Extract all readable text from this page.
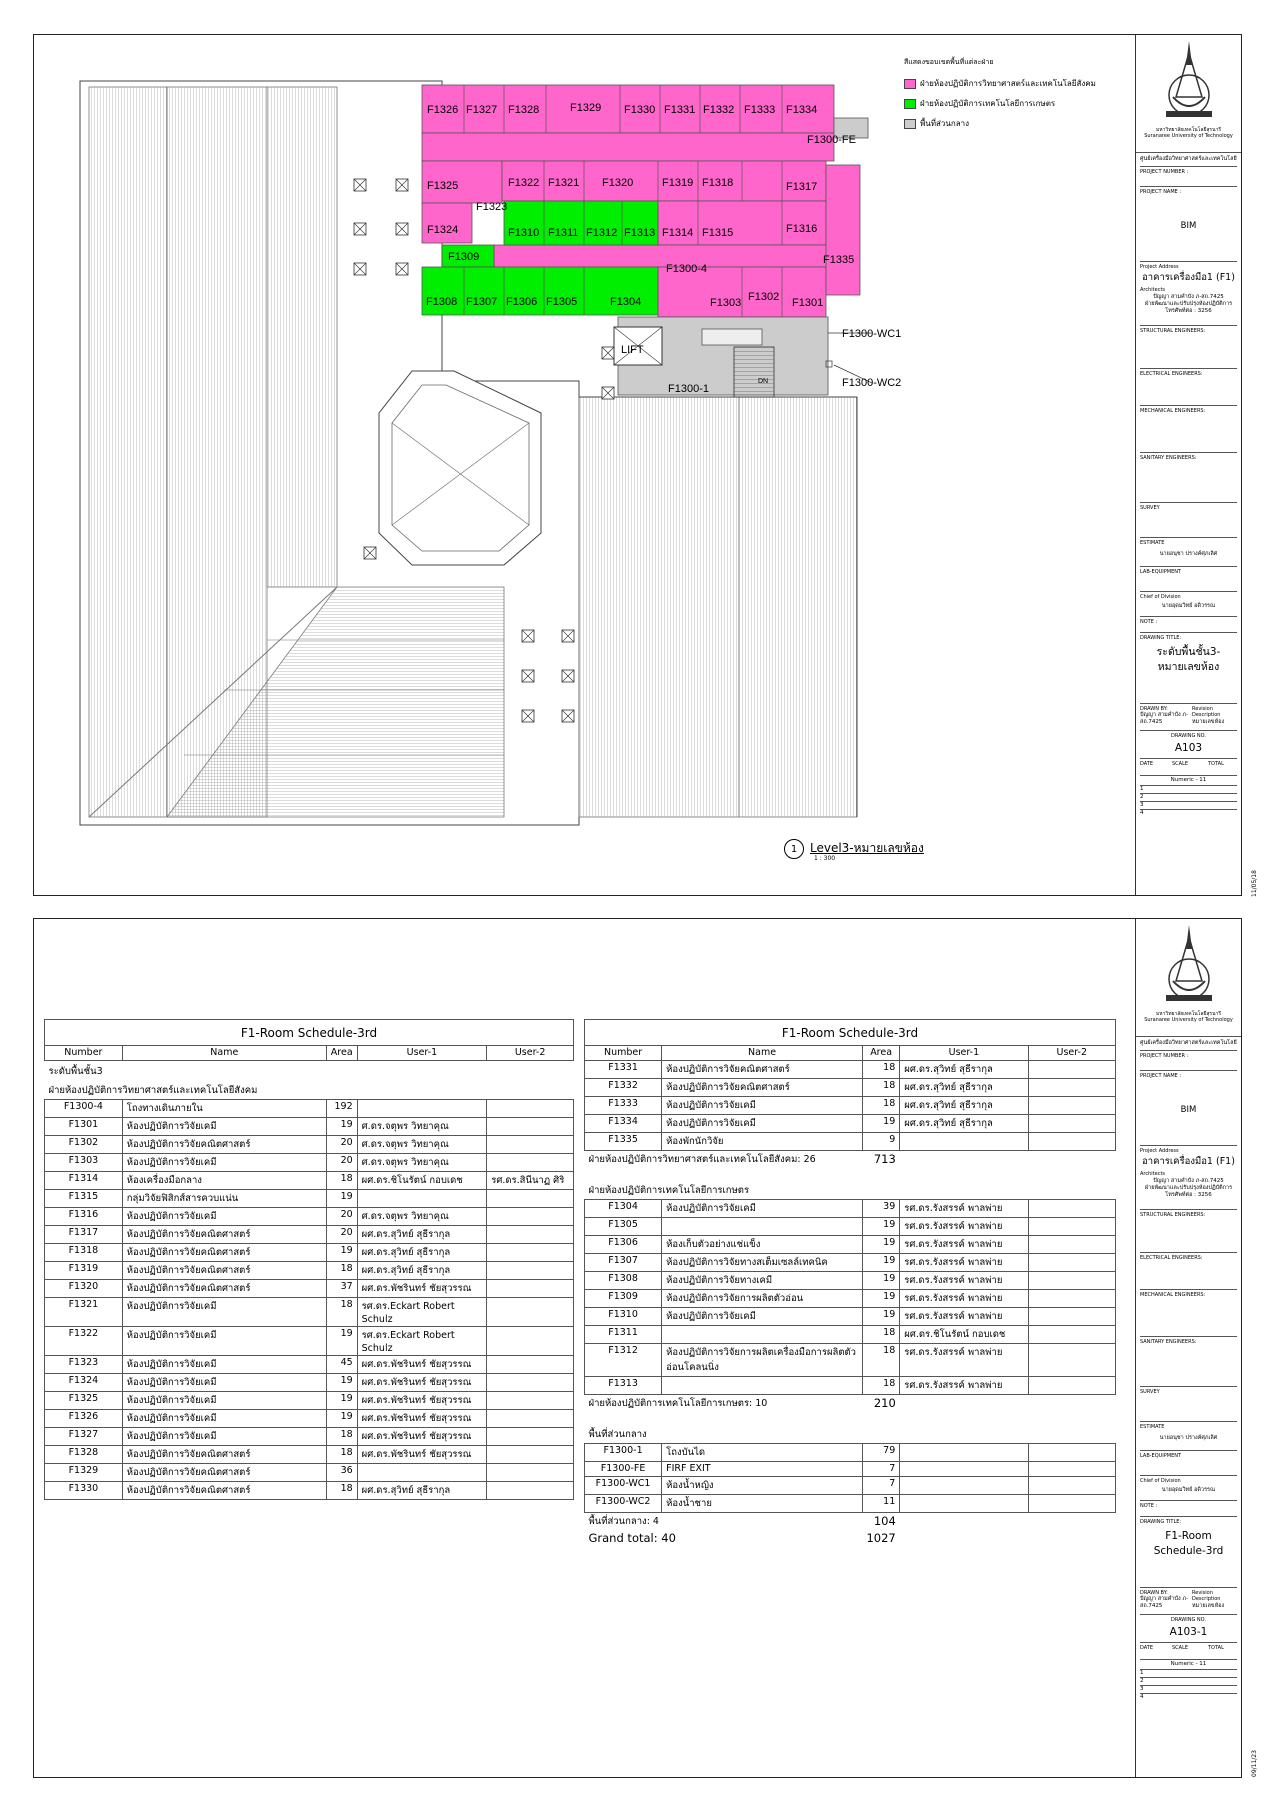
F1326 F1327 F1328	F1329 F1330 F1331 F1332 F1333 F1334
F1300-FE
F1325	F1322 F1321 F1320	F1319 F1318	F1317
F1323
F1324	F1310 F1311 F1312 F1313 F1314 F1315	F1316
F1309	F1335
F1300-4
F1308 F1307 F1306 F1305	F1304	F1303 F1302 F1301
F1300-WC1
F1300-WC2
LIFT
F1300-1
DN
สีแสดงขอบเขตพื้นที่แต่ละฝ่าย
ฝ่ายห้องปฏิบัติการวิทยาศาสตร์และเทคโนโลยีสังคม
ฝ่ายห้องปฏิบัติการเทคโนโลยีการเกษตร
พื้นที่ส่วนกลาง
1 Level3-หมายเลขห้อง
1 : 300
มหาวิทยาลัยเทคโนโลยีสุรนารี
Suranaree University of Technology
ศูนย์เครื่องมือวิทยาศาสตร์และเทคโนโลยี
PROJECT NUMBER :
PROJECT NAME :
BIM
Project Address
อาคารเครื่องมือ1 (F1)
Architects
ปัญญา สามคำบัง ภ-สถ.7425
ฝ่ายพัฒนาและปรับปรุงห้องปฏิบัติการ
โทรศัพท์ต่อ : 3256
STRUCTURAL ENGINEERS:
ELECTRICAL ENGINEERS:
MECHANICAL ENGINEERS:
SANITARY ENGINEERS:
SURVEY
ESTIMATE
นายอนุชา ปรางค์ศุภเลิศ
LAB-EQUIPMENT
Chief of Division
นายอุดมวิทย์ อดิวรรณ
NOTE :
DRAWING TITLE:
ระดับพื้นชั้น3-
หมายเลขห้อง
DRAWN BY:
ปัญญา สามคำบัง ภ-สถ.7425
Revision Description
หมายเลขห้อง
DRAWING NO.
A103
DATE	SCALE	TOTAL
Numeric - 11
1
2
3
4
11/05/18
F1-Room Schedule-3rd				
Number	Name	Area	User-1	User-2
ระดับพื้นชั้น3				
ฝ่ายห้องปฏิบัติการวิทยาศาสตร์และเทคโนโลยีสังคม				
F1300-4	โถงทางเดินภายใน	192		
F1301	ห้องปฏิบัติการวิจัยเคมี	19	ศ.ดร.จตุพร วิทยาคุณ	
F1302	ห้องปฏิบัติการวิจัยคณิตศาสตร์	20	ศ.ดร.จตุพร วิทยาคุณ	
F1303	ห้องปฏิบัติการวิจัยเคมี	20	ศ.ดร.จตุพร วิทยาคุณ	
F1314	ห้องเครื่องมือกลาง	18	ผศ.ดร.ชิโนรัตน์ กอบเดช	รศ.ดร.สินีนาฏ ศิริ
F1315	กลุ่มวิจัยฟิสิกส์สารควบแน่น	19		
F1316	ห้องปฏิบัติการวิจัยเคมี	20	ศ.ดร.จตุพร วิทยาคุณ	
F1317	ห้องปฏิบัติการวิจัยคณิตศาสตร์	20	ผศ.ดร.สุวิทย์ สุธีรากุล	
F1318	ห้องปฏิบัติการวิจัยคณิตศาสตร์	19	ผศ.ดร.สุวิทย์ สุธีรากุล	
F1319	ห้องปฏิบัติการวิจัยคณิตศาสตร์	18	ผศ.ดร.สุวิทย์ สุธีรากุล	
F1320	ห้องปฏิบัติการวิจัยคณิตศาสตร์	37	ผศ.ดร.พัชรินทร์ ชัยสุวรรณ	
F1321	ห้องปฏิบัติการวิจัยเคมี	18	รศ.ดร.Eckart Robert Schulz	
F1322	ห้องปฏิบัติการวิจัยเคมี	19	รศ.ดร.Eckart Robert Schulz	
F1323	ห้องปฏิบัติการวิจัยเคมี	45	ผศ.ดร.พัชรินทร์ ชัยสุวรรณ	
F1324	ห้องปฏิบัติการวิจัยเคมี	19	ผศ.ดร.พัชรินทร์ ชัยสุวรรณ	
F1325	ห้องปฏิบัติการวิจัยเคมี	19	ผศ.ดร.พัชรินทร์ ชัยสุวรรณ	
F1326	ห้องปฏิบัติการวิจัยเคมี	19	ผศ.ดร.พัชรินทร์ ชัยสุวรรณ	
F1327	ห้องปฏิบัติการวิจัยเคมี	18	ผศ.ดร.พัชรินทร์ ชัยสุวรรณ	
F1328	ห้องปฏิบัติการวิจัยคณิตศาสตร์	18	ผศ.ดร.พัชรินทร์ ชัยสุวรรณ	
F1329	ห้องปฏิบัติการวิจัยคณิตศาสตร์	36		
F1330	ห้องปฏิบัติการวิจัยคณิตศาสตร์	18	ผศ.ดร.สุวิทย์ สุธีรากุล	
F1-Room Schedule-3rd				
Number	Name	Area	User-1	User-2
F1331	ห้องปฏิบัติการวิจัยคณิตศาสตร์	18	ผศ.ดร.สุวิทย์ สุธีรากุล	
F1332	ห้องปฏิบัติการวิจัยคณิตศาสตร์	18	ผศ.ดร.สุวิทย์ สุธีรากุล	
F1333	ห้องปฏิบัติการวิจัยเคมี	18	ผศ.ดร.สุวิทย์ สุธีรากุล	
F1334	ห้องปฏิบัติการวิจัยเคมี	19	ผศ.ดร.สุวิทย์ สุธีรากุล	
F1335	ห้องพักนักวิจัย	9		
ฝ่ายห้องปฏิบัติการวิทยาศาสตร์และเทคโนโลยีสังคม: 26		713		

ฝ่ายห้องปฏิบัติการเทคโนโลยีการเกษตร				
F1304	ห้องปฏิบัติการวิจัยเคมี	39	รศ.ดร.รังสรรค์ พาลพ่าย	
F1305		19	รศ.ดร.รังสรรค์ พาลพ่าย	
F1306	ห้องเก็บตัวอย่างแช่แข็ง	19	รศ.ดร.รังสรรค์ พาลพ่าย	
F1307	ห้องปฏิบัติการวิจัยทางสเต็มเซลล์เทคนิค	19	รศ.ดร.รังสรรค์ พาลพ่าย	
F1308	ห้องปฏิบัติการวิจัยทางเคมี	19	รศ.ดร.รังสรรค์ พาลพ่าย	
F1309	ห้องปฏิบัติการวิจัยการผลิตตัวอ่อน	19	รศ.ดร.รังสรรค์ พาลพ่าย	
F1310	ห้องปฏิบัติการวิจัยเคมี	19	รศ.ดร.รังสรรค์ พาลพ่าย	
F1311		18	ผศ.ดร.ชิโนรัตน์ กอบเดช	
F1312	ห้องปฏิบัติการวิจัยการผลิตเครื่องมือการผลิตตัวอ่อนโคลนนิ่ง	18	รศ.ดร.รังสรรค์ พาลพ่าย	
F1313		18	รศ.ดร.รังสรรค์ พาลพ่าย	
ฝ่ายห้องปฏิบัติการเทคโนโลยีการเกษตร: 10		210		

พื้นที่ส่วนกลาง				
F1300-1	โถงบันได	79		
F1300-FE	FIRF EXIT	7		
F1300-WC1	ห้องน้ำหญิง	7		
F1300-WC2	ห้องน้ำชาย	11		
พื้นที่ส่วนกลาง: 4		104		
Grand total: 40		1027		
มหาวิทยาลัยเทคโนโลยีสุรนารี
Suranaree University of Technology
ศูนย์เครื่องมือวิทยาศาสตร์และเทคโนโลยี
PROJECT NUMBER :
PROJECT NAME :
BIM
Project Address
อาคารเครื่องมือ1 (F1)
Architects
ปัญญา สามคำบัง ภ-สถ.7425
ฝ่ายพัฒนาและปรับปรุงห้องปฏิบัติการ
โทรศัพท์ต่อ : 3256
STRUCTURAL ENGINEERS:
ELECTRICAL ENGINEERS:
MECHANICAL ENGINEERS:
SANITARY ENGINEERS:
SURVEY
ESTIMATE
นายอนุชา ปรางค์ศุภเลิศ
LAB-EQUIPMENT
Chief of Division
นายอุดมวิทย์ อดิวรรณ
NOTE :
DRAWING TITLE:
F1-Room
Schedule-3rd
DRAWN BY:
ปัญญา สามคำบัง ภ-สถ.7425
Revision Description
หมายเลขห้อง
DRAWING NO.
A103-1
DATE	SCALE	TOTAL
Numeric - 11
1
2
3
4
09/11/23
